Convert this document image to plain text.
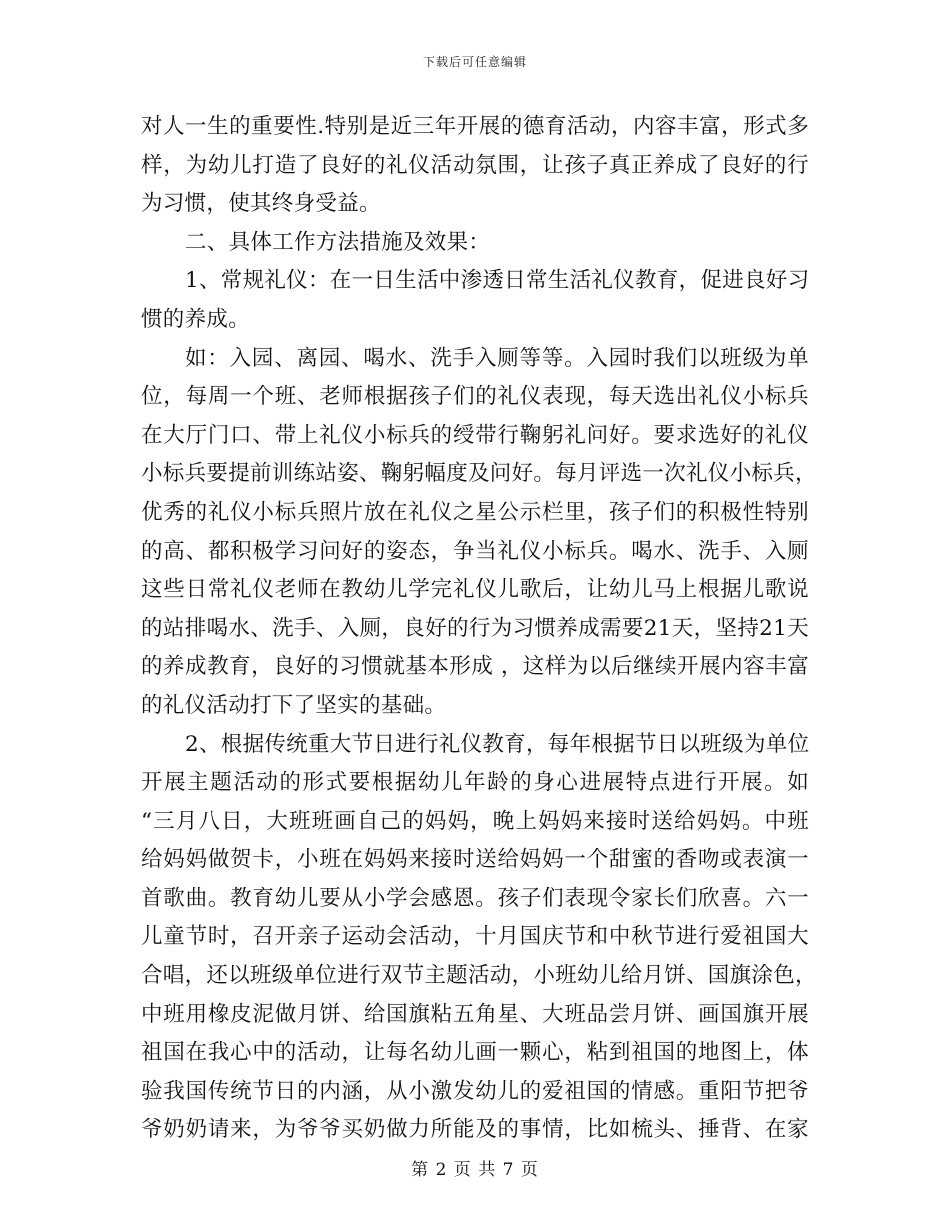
下载后可任意编辑
对人一生的重要性.特别是近三年开展的德育活动，内容丰富，形式多
样，为幼儿打造了良好的礼仪活动氛围，让孩子真正养成了良好的行
为习惯，使其终身受益。
二、具体工作方法措施及效果：
1、常规礼仪：在一日生活中渗透日常生活礼仪教育，促进良好习
惯的养成。
如：入园、离园、喝水、洗手入厕等等。入园时我们以班级为单
位，每周一个班、老师根据孩子们的礼仪表现，每天选出礼仪小标兵
在大厅门口、带上礼仪小标兵的绶带行鞠躬礼问好。要求选好的礼仪
小标兵要提前训练站姿、鞠躬幅度及问好。每月评选一次礼仪小标兵，
优秀的礼仪小标兵照片放在礼仪之星公示栏里，孩子们的积极性特别
的高、都积极学习问好的姿态，争当礼仪小标兵。喝水、洗手、入厕
这些日常礼仪老师在教幼儿学完礼仪儿歌后，让幼儿马上根据儿歌说
的站排喝水、洗手、入厕，良好的行为习惯养成需要21天，坚持21天
的养成教育，良好的习惯就基本形成 ，这样为以后继续开展内容丰富
的礼仪活动打下了坚实的基础。
2、根据传统重大节日进行礼仪教育，每年根据节日以班级为单位
开展主题活动的形式要根据幼儿年龄的身心进展特点进行开展。如
“三月八日，大班班画自己的妈妈，晚上妈妈来接时送给妈妈。中班
给妈妈做贺卡，小班在妈妈来接时送给妈妈一个甜蜜的香吻或表演一
首歌曲。教育幼儿要从小学会感恩。孩子们表现令家长们欣喜。六一
儿童节时，召开亲子运动会活动，十月国庆节和中秋节进行爱祖国大
合唱，还以班级单位进行双节主题活动，小班幼儿给月饼、国旗涂色，
中班用橡皮泥做月饼、给国旗粘五角星、大班品尝月饼、画国旗开展
祖国在我心中的活动，让每名幼儿画一颗心，粘到祖国的地图上，体
验我国传统节日的内涵，从小激发幼儿的爱祖国的情感。重阳节把爷
爷奶奶请来，为爷爷买奶做力所能及的事情，比如梳头、捶背、在家
第 2 页 共 7 页
